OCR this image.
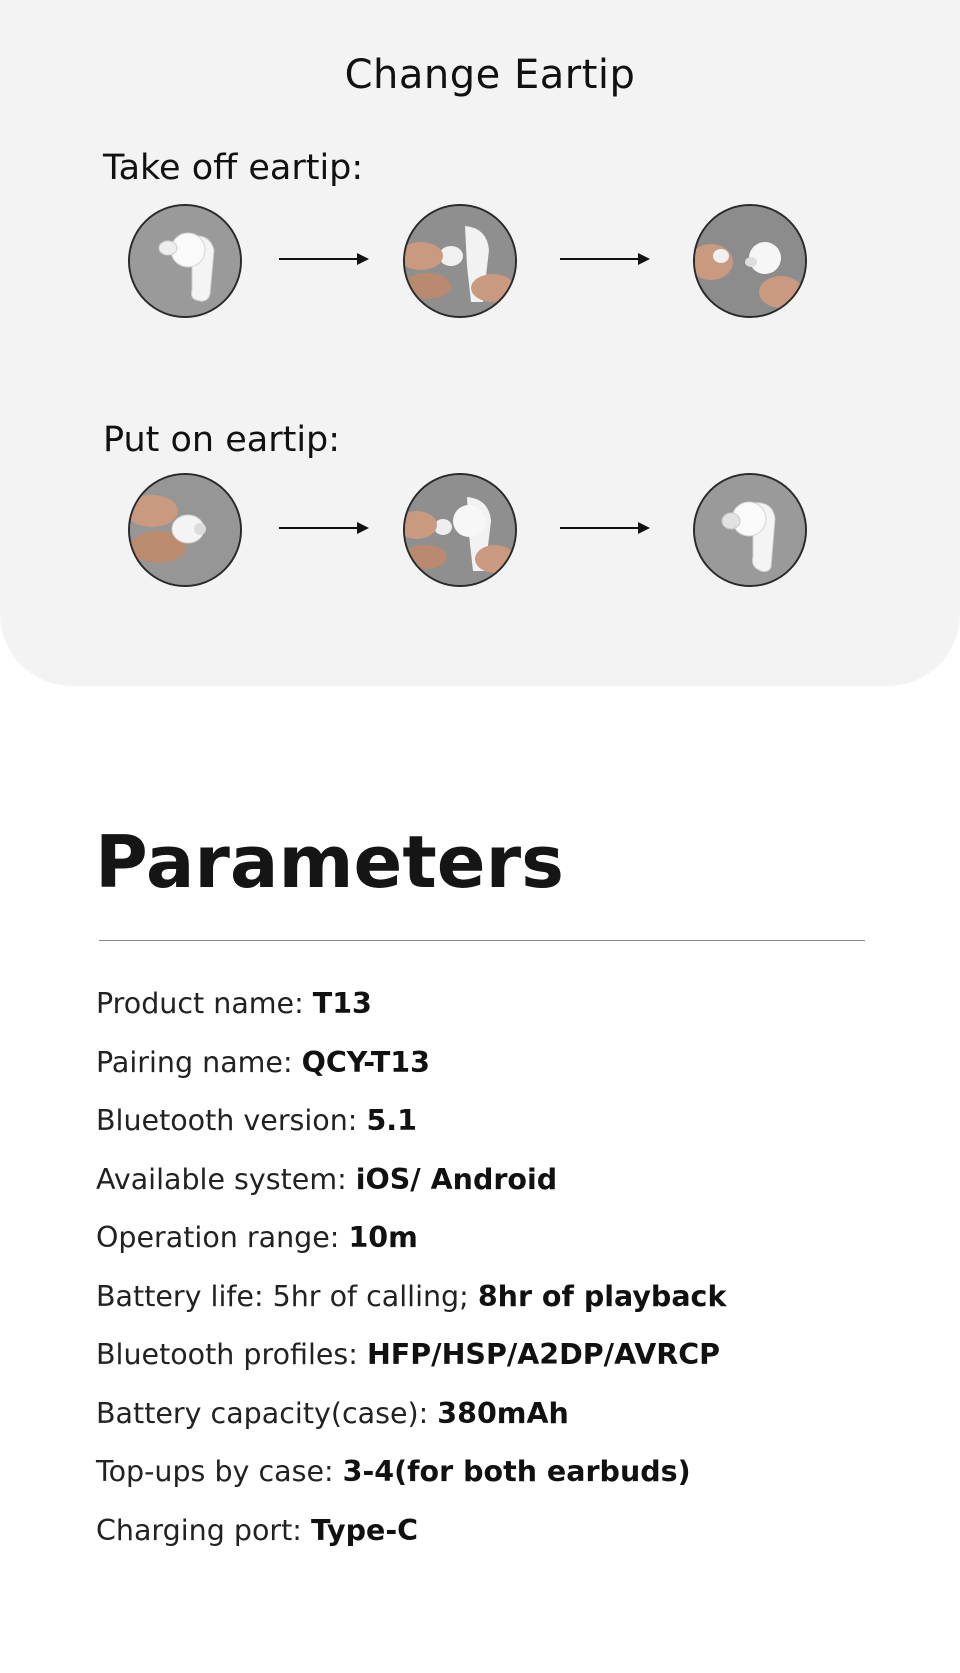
Change Eartip
Take off eartip:
Put on eartip:
Parameters
Product name: T13
Pairing name: QCY-T13
Bluetooth version: 5.1
Available system: iOS/ Android
Operation range: 10m
Battery life: 5hr of calling; 8hr of playback
Bluetooth profiles: HFP/HSP/A2DP/AVRCP
Battery capacity(case): 380mAh
Top-ups by case: 3-4(for both earbuds)
Charging port: Type-C
